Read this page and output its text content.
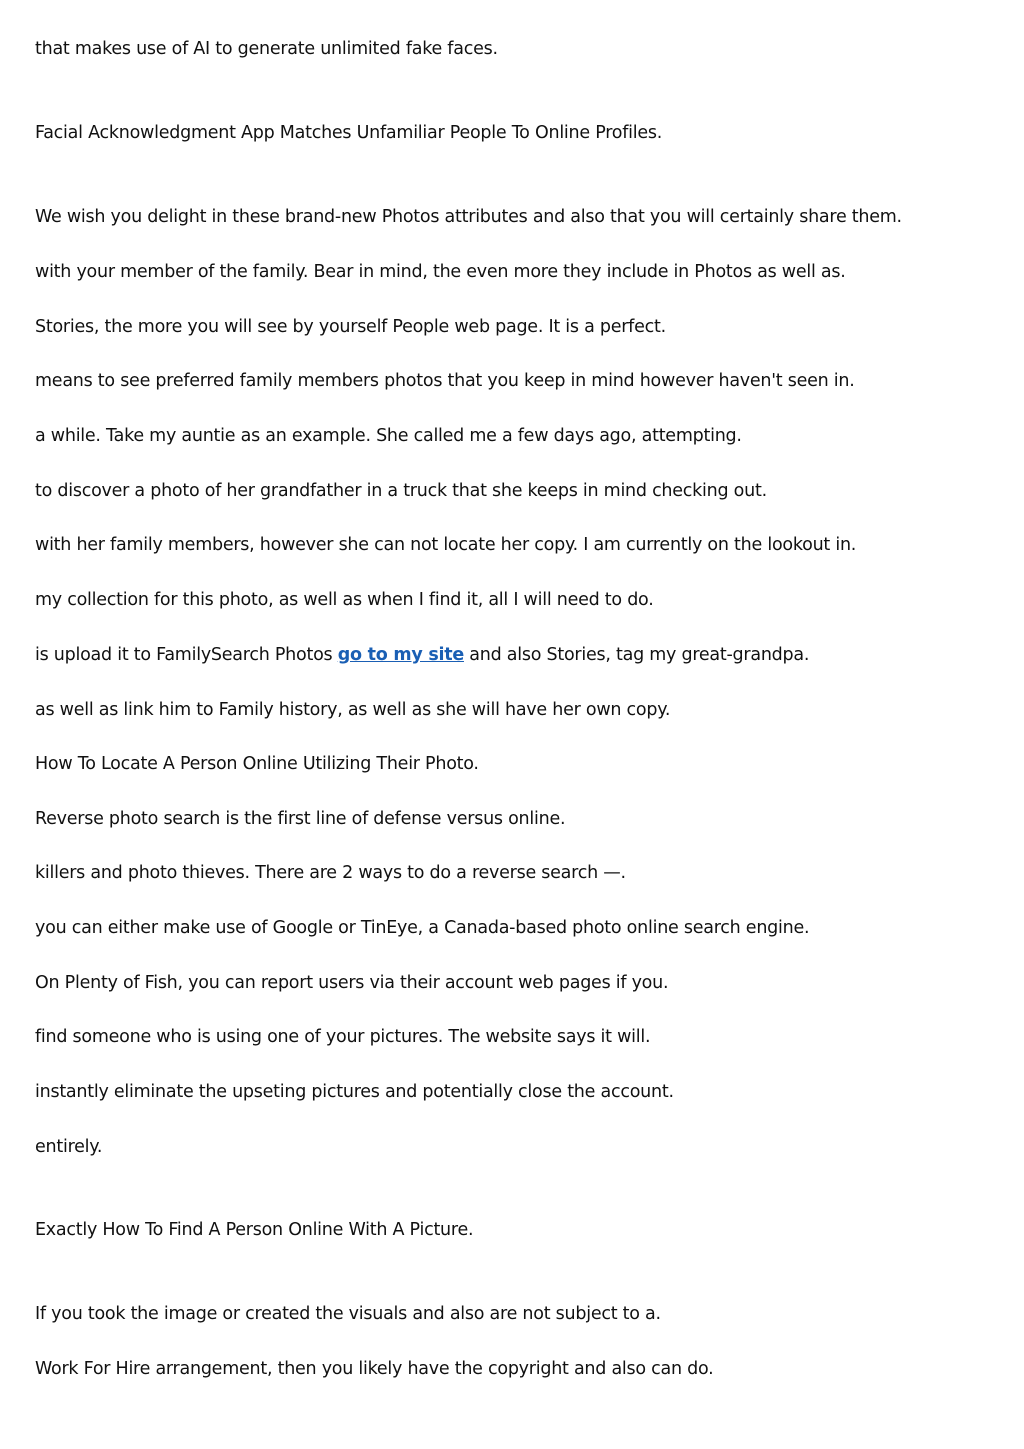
that makes use of AI to generate unlimited fake faces.

Facial Acknowledgment App Matches Unfamiliar People To Online Profiles.

We wish you delight in these brand-new Photos attributes and also that you will certainly share them.

with your member of the family. Bear in mind, the even more they include in Photos as well as.

Stories, the more you will see by yourself People web page. It is a perfect.

means to see preferred family members photos that you keep in mind however haven't seen in.

a while. Take my auntie as an example. She called me a few days ago, attempting.

to discover a photo of her grandfather in a truck that she keeps in mind checking out.

with her family members, however she can not locate her copy. I am currently on the lookout in.

my collection for this photo, as well as when I find it, all I will need to do.

is upload it to FamilySearch Photos go to my site and also Stories, tag my great-grandpa.

as well as link him to Family history, as well as she will have her own copy.

How To Locate A Person Online Utilizing Their Photo.

Reverse photo search is the first line of defense versus online.

killers and photo thieves. There are 2 ways to do a reverse search —.

you can either make use of Google or TinEye, a Canada-based photo online search engine.

On Plenty of Fish, you can report users via their account web pages if you.

find someone who is using one of your pictures. The website says it will.

instantly eliminate the upseting pictures and potentially close the account.

entirely.

Exactly How To Find A Person Online With A Picture.

If you took the image or created the visuals and also are not subject to a.

Work For Hire arrangement, then you likely have the copyright and also can do.
